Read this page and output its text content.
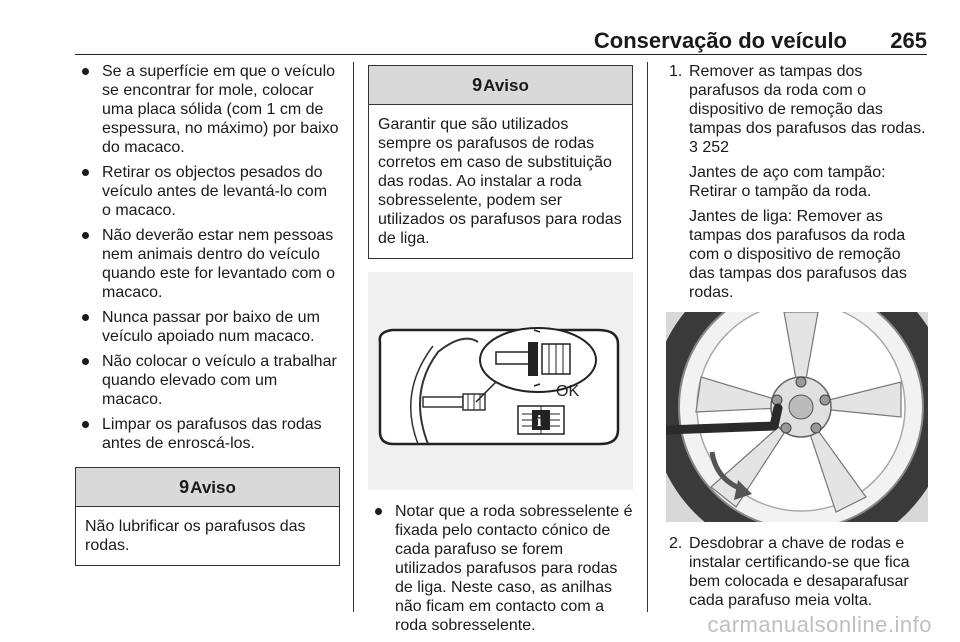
Conservação do veículo 265
Se a superfície em que o veículo se encontrar for mole, colocar uma placa sólida (com 1 cm de espessura, no máximo) por baixo do macaco.
Retirar os objectos pesados do veículo antes de levantá-lo com o macaco.
Não deverão estar nem pessoas nem animais dentro do veículo quando este for levantado com o macaco.
Nunca passar por baixo de um veículo apoiado num macaco.
Não colocar o veículo a trabalhar quando elevado com um macaco.
Limpar os parafusos das rodas antes de enroscá-los.
9 Aviso
Não lubrificar os parafusos das rodas.
9 Aviso
Garantir que são utilizados sempre os parafusos de rodas corretos em caso de substituição das rodas. Ao instalar a roda sobresselente, podem ser utilizados os parafusos para rodas de liga.
OK
i
Notar que a roda sobresselente é fixada pelo contacto cónico de cada parafuso se forem utilizados parafusos para rodas de liga. Neste caso, as anilhas não ficam em contacto com a roda sobresselente.
1. Remover as tampas dos parafusos da roda com o dispositivo de remoção das tampas dos parafusos das rodas.
3 252
Jantes de aço com tampão: Retirar o tampão da roda.
Jantes de liga: Remover as tampas dos parafusos da roda com o dispositivo de remoção das tampas dos parafusos das rodas.
2. Desdobrar a chave de rodas e instalar certificando-se que fica bem colocada e desaparafusar cada parafuso meia volta.
carmanualsonline.info
